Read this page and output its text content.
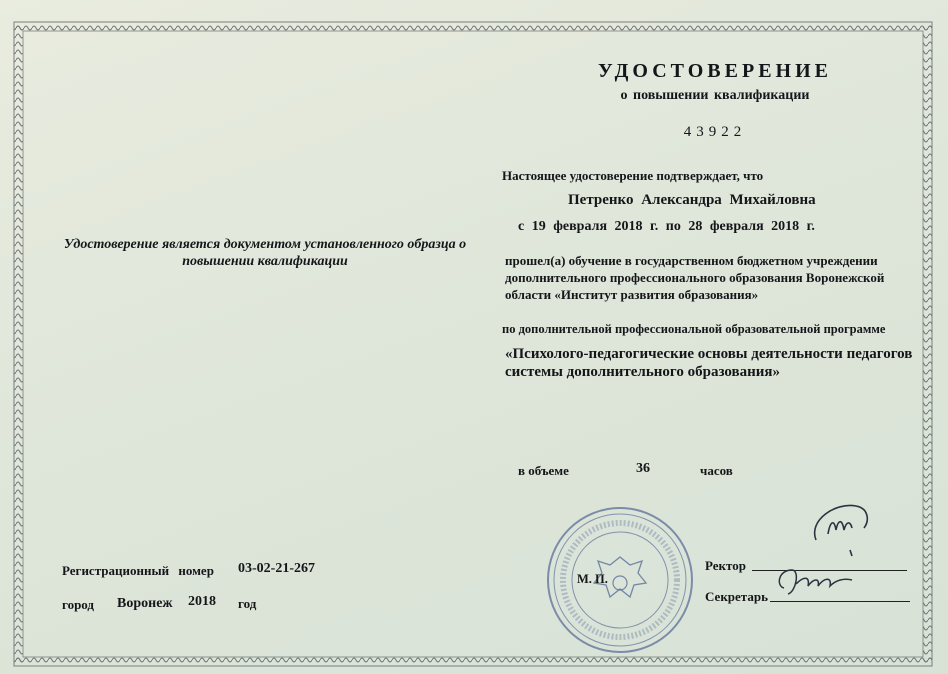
УДОСТОВЕРЕНИЕ
о повышении квалификации
43922
Удостоверение является документом установленного образца о повышении квалификации
Настоящее удостоверение подтверждает, что
Петренко Александра Михайловна
с 19 февраля 2018 г. по 28 февраля 2018 г.
прошел(а) обучение в государственном бюджетном учреждении дополнительного профессионального образования Воронежской области «Институт развития образования»
по дополнительной профессиональной образовательной программе
«Психолого-педагогические основы деятельности педагогов системы дополнительного образования»
в объеме	36	часов
Регистрационный номер 03-02-21-267
город Воронеж 2018 год
М. П.
Ректор
Секретарь
